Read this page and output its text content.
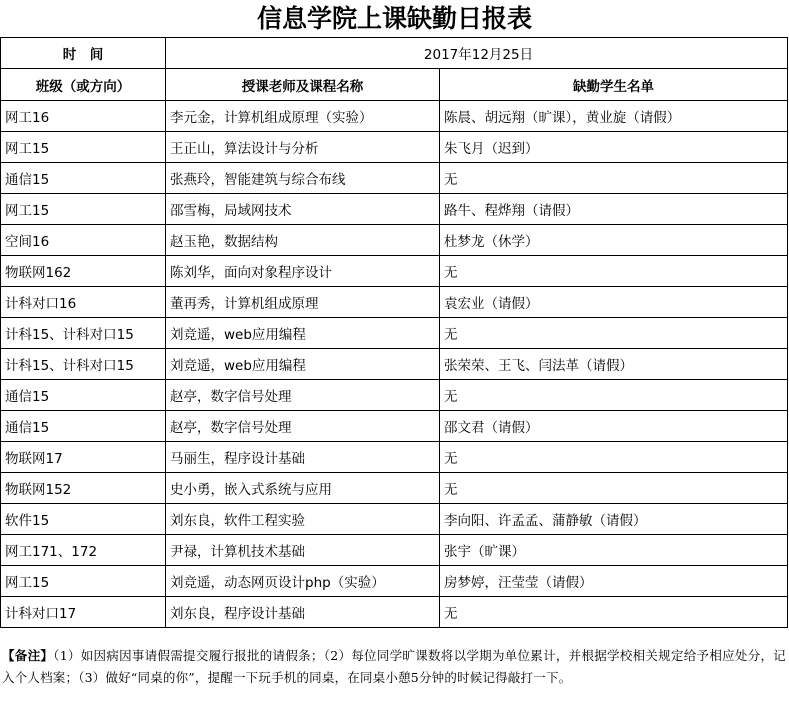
信息学院上课缺勤日报表
时　间	2017年12月25日	
班级（或方向）	授课老师及课程名称	缺勤学生名单
网工16	李元金，计算机组成原理（实验）	陈晨、胡远翔（旷课），黄业旋（请假）
网工15	王正山，算法设计与分析	朱飞月（迟到）
通信15	张燕玲，智能建筑与综合布线	无
网工15	邵雪梅，局域网技术	路牛、程烨翔（请假）
空间16	赵玉艳，数据结构	杜梦龙（休学）
物联网162	陈刘华，面向对象程序设计	无
计科对口16	董再秀，计算机组成原理	袁宏业（请假）
计科15、计科对口15	刘竞遥，web应用编程	无
计科15、计科对口15	刘竞遥，web应用编程	张荣荣、王飞、闫法革（请假）
通信15	赵亭，数字信号处理	无
通信15	赵亭，数字信号处理	邵文君（请假）
物联网17	马丽生，程序设计基础	无
物联网152	史小勇，嵌入式系统与应用	无
软件15	刘东良，软件工程实验	李向阳、许孟孟、蒲静敏（请假）
网工171、172	尹禄，计算机技术基础	张宇（旷课）
网工15	刘竞遥，动态网页设计php（实验）	房梦婷，汪莹莹（请假）
计科对口17	刘东良，程序设计基础	无
【备注】（1）如因病因事请假需提交履行报批的请假条；（2）每位同学旷课数将以学期为单位累计，并根据学校相关规定给予相应处分，记入个人档案；（3）做好“同桌的你”，提醒一下玩手机的同桌，在同桌小憩5分钟的时候记得敲打一下。
